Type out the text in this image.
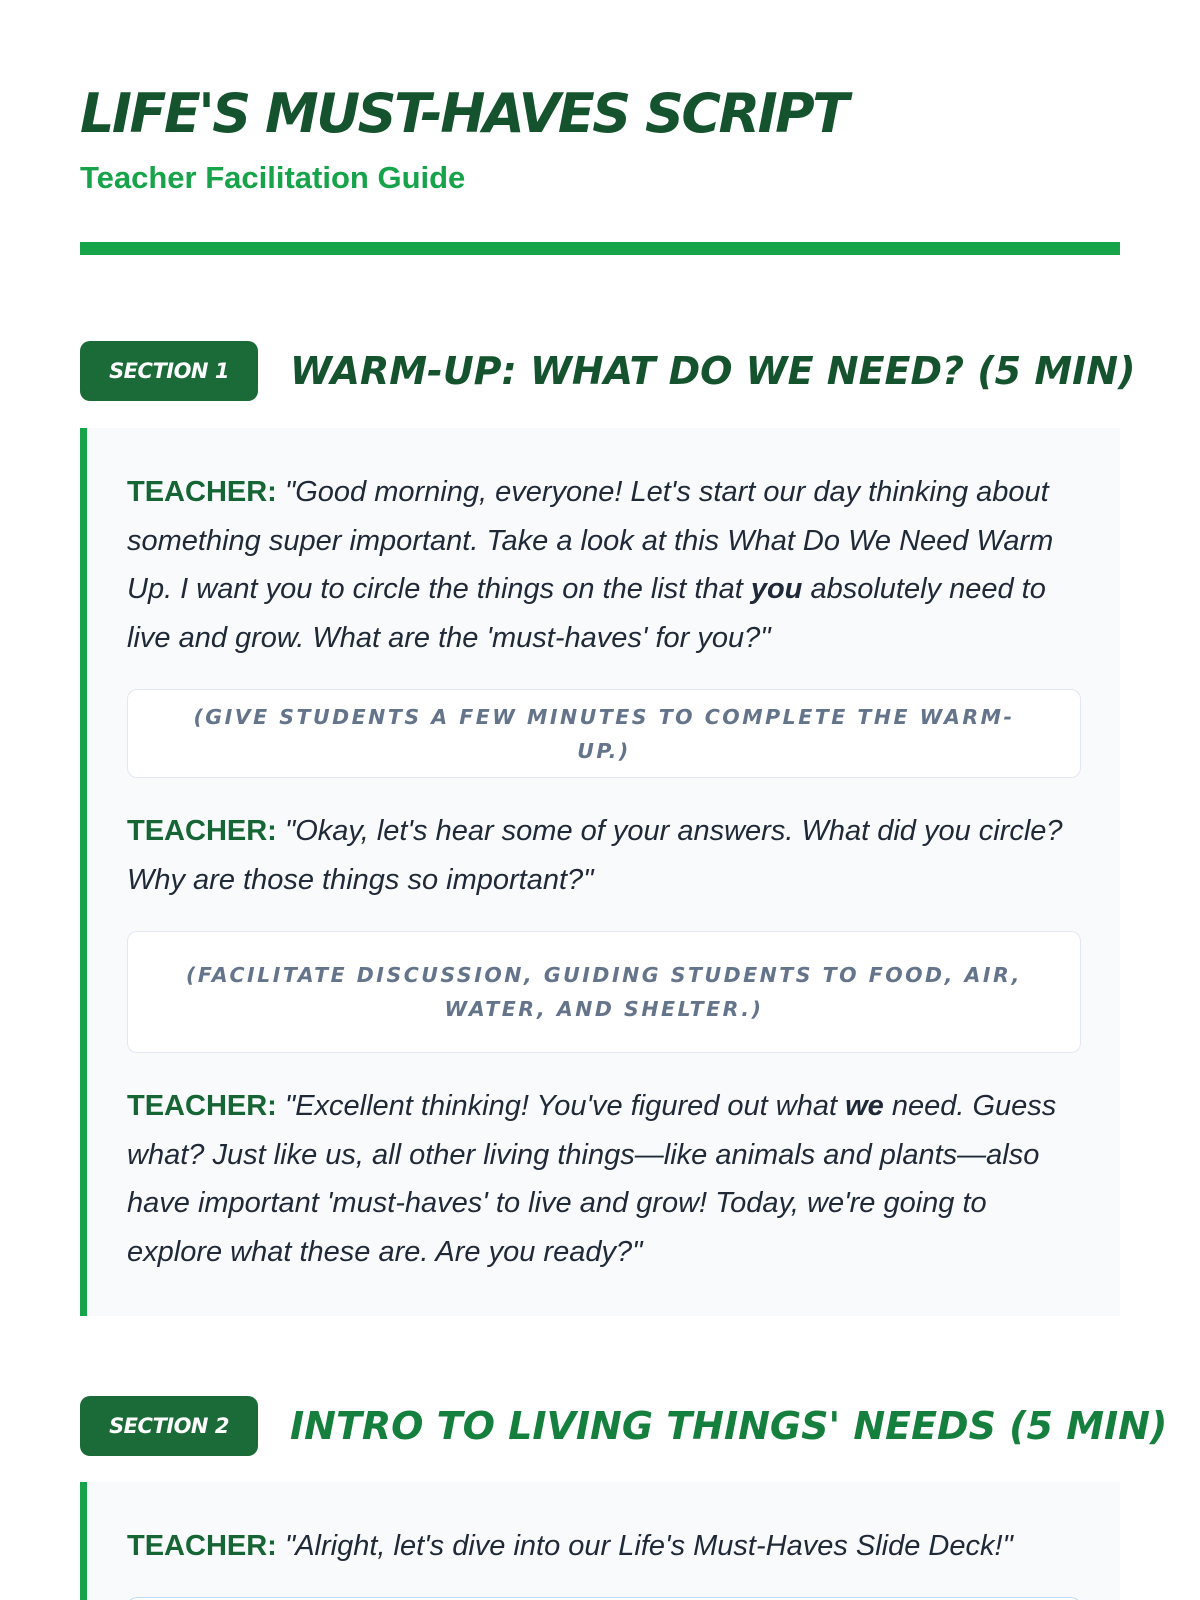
LIFE'S MUST-HAVES SCRIPT
Teacher Facilitation Guide
SECTION 1	WARM-UP: WHAT DO WE NEED? (5 MIN)
TEACHER: "Good morning, everyone! Let's start our day thinking about something super important. Take a look at this What Do We Need Warm Up. I want you to circle the things on the list that you absolutely need to live and grow. What are the 'must-haves' for you?"
(GIVE STUDENTS A FEW MINUTES TO COMPLETE THE WARM-UP.)
TEACHER: "Okay, let's hear some of your answers. What did you circle? Why are those things so important?"
(FACILITATE DISCUSSION, GUIDING STUDENTS TO FOOD, AIR, WATER, AND SHELTER.)
TEACHER: "Excellent thinking! You've figured out what we need. Guess what? Just like us, all other living things—like animals and plants—also have important 'must-haves' to live and grow! Today, we're going to explore what these are. Are you ready?"
SECTION 2	INTRO TO LIVING THINGS' NEEDS (5 MIN)
TEACHER: "Alright, let's dive into our Life's Must-Haves Slide Deck!"
